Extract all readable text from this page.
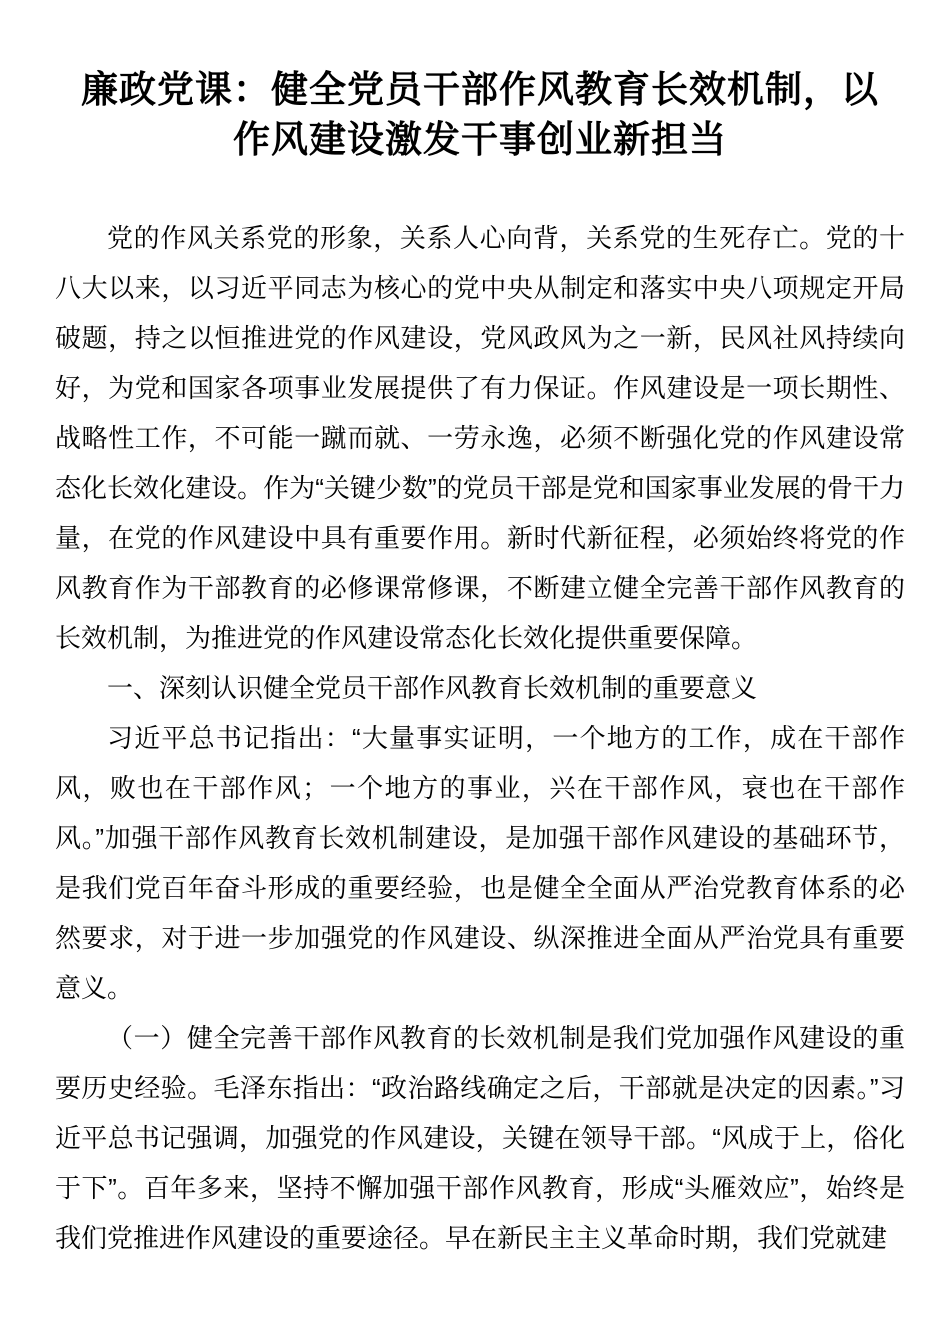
廉政党课：健全党员干部作风教育长效机制，以作风建设激发干事创业新担当

党的作风关系党的形象，关系人心向背，关系党的生死存亡。党的十八大以来，以习近平同志为核心的党中央从制定和落实中央八项规定开局破题，持之以恒推进党的作风建设，党风政风为之一新，民风社风持续向好，为党和国家各项事业发展提供了有力保证。作风建设是一项长期性、战略性工作，不可能一蹴而就、一劳永逸，必须不断强化党的作风建设常态化长效化建设。作为“关键少数”的党员干部是党和国家事业发展的骨干力量，在党的作风建设中具有重要作用。新时代新征程，必须始终将党的作风教育作为干部教育的必修课常修课，不断建立健全完善干部作风教育的长效机制，为推进党的作风建设常态化长效化提供重要保障。

一、深刻认识健全党员干部作风教育长效机制的重要意义

习近平总书记指出：“大量事实证明，一个地方的工作，成在干部作风，败也在干部作风；一个地方的事业，兴在干部作风，衰也在干部作风。”加强干部作风教育长效机制建设，是加强干部作风建设的基础环节，是我们党百年奋斗形成的重要经验，也是健全全面从严治党教育体系的必然要求，对于进一步加强党的作风建设、纵深推进全面从严治党具有重要意义。

（一）健全完善干部作风教育的长效机制是我们党加强作风建设的重要历史经验。毛泽东指出：“政治路线确定之后，干部就是决定的因素。”习近平总书记强调，加强党的作风建设，关键在领导干部。“风成于上，俗化于下”。百年多来，坚持不懈加强干部作风教育，形成“头雁效应”，始终是我们党推进作风建设的重要途径。早在新民主主义革命时期，我们党就建
